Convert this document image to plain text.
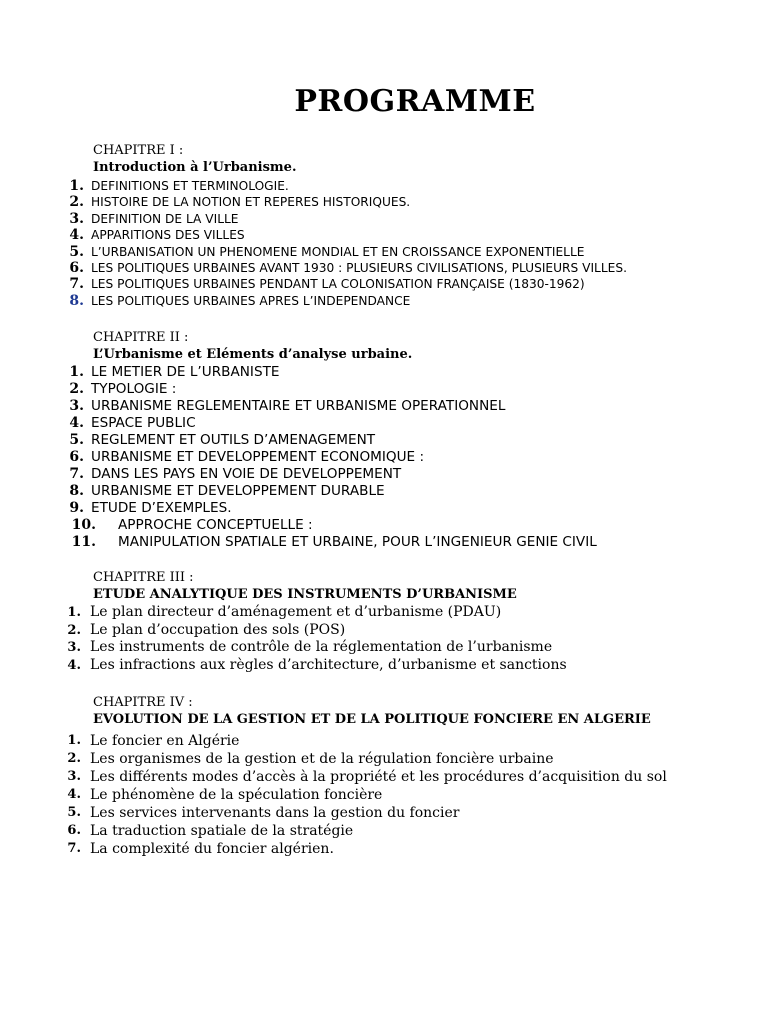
PROGRAMME
CHAPITRE I :
Introduction à l’Urbanisme.
1. DEFINITIONS ET TERMINOLOGIE.
2. HISTOIRE DE LA NOTION ET REPERES HISTORIQUES.
3. DEFINITION DE LA VILLE
4. APPARITIONS DES VILLES
5. L’URBANISATION UN PHENOMENE MONDIAL ET EN CROISSANCE EXPONENTIELLE
6. LES POLITIQUES URBAINES AVANT 1930 : PLUSIEURS CIVILISATIONS, PLUSIEURS VILLES.
7. LES POLITIQUES URBAINES PENDANT LA COLONISATION FRANÇAISE (1830-1962)
8. LES POLITIQUES URBAINES APRES L’INDEPENDANCE
CHAPITRE II :
L’Urbanisme et Eléments d’analyse urbaine.
1. LE METIER DE L’URBANISTE
2. TYPOLOGIE :
3. URBANISME REGLEMENTAIRE ET URBANISME OPERATIONNEL
4. ESPACE PUBLIC
5. REGLEMENT ET OUTILS D’AMENAGEMENT
6. URBANISME ET DEVELOPPEMENT ECONOMIQUE :
7. DANS LES PAYS EN VOIE DE DEVELOPPEMENT
8. URBANISME ET DEVELOPPEMENT DURABLE
9. ETUDE D’EXEMPLES.
10. APPROCHE CONCEPTUELLE :
11. MANIPULATION SPATIALE ET URBAINE, POUR L’INGENIEUR GENIE CIVIL
CHAPITRE III :
ETUDE ANALYTIQUE DES INSTRUMENTS D’URBANISME
1. Le plan directeur d’aménagement et d’urbanisme (PDAU)
2. Le plan d’occupation des sols (POS)
3. Les instruments de contrôle de la réglementation de l’urbanisme
4. Les infractions aux règles d’architecture, d’urbanisme et sanctions
CHAPITRE IV :
EVOLUTION DE LA GESTION ET DE LA POLITIQUE FONCIERE EN ALGERIE
1. Le foncier en Algérie
2. Les organismes de la gestion et de la régulation foncière urbaine
3. Les différents modes d’accès à la propriété et les procédures d’acquisition du sol
4. Le phénomène de la spéculation foncière
5. Les services intervenants dans la gestion du foncier
6. La traduction spatiale de la stratégie
7. La complexité du foncier algérien.
